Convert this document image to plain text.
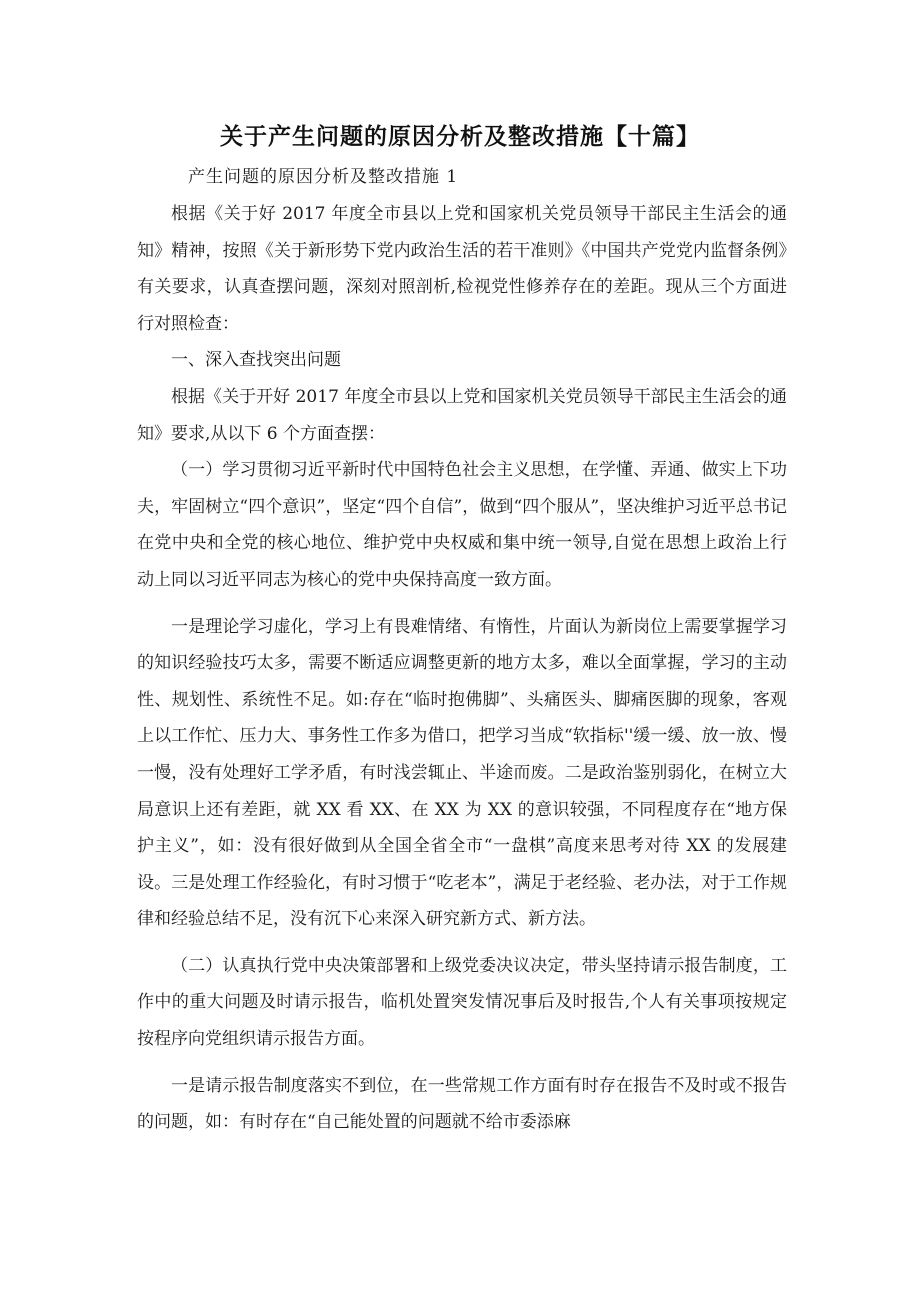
关于产生问题的原因分析及整改措施【十篇】
产生问题的原因分析及整改措施 1

根据《关于好 2017 年度全市县以上党和国家机关党员领导干部民主生活会的通知》精神，按照《关于新形势下党内政治生活的若干准则》《中国共产党党内监督条例》有关要求，认真查摆问题，深刻对照剖析,检视党性修养存在的差距。现从三个方面进行对照检查：

一、深入查找突出问题

根据《关于开好 2017 年度全市县以上党和国家机关党员领导干部民主生活会的通知》要求,从以下 6 个方面查摆：

（一）学习贯彻习近平新时代中国特色社会主义思想，在学懂、弄通、做实上下功夫，牢固树立“四个意识”，坚定“四个自信”，做到“四个服从”，坚决维护习近平总书记在党中央和全党的核心地位、维护党中央权威和集中统一领导,自觉在思想上政治上行动上同以习近平同志为核心的党中央保持高度一致方面。

一是理论学习虚化，学习上有畏难情绪、有惰性，片面认为新岗位上需要掌握学习的知识经验技巧太多，需要不断适应调整更新的地方太多，难以全面掌握，学习的主动性、规划性、系统性不足。如:存在“临时抱佛脚”、头痛医头、脚痛医脚的现象，客观上以工作忙、压力大、事务性工作多为借口，把学习当成“软指标''缓一缓、放一放、慢一慢，没有处理好工学矛盾，有时浅尝辄止、半途而废。二是政治鉴别弱化，在树立大局意识上还有差距，就 XX 看 XX、在 XX 为 XX 的意识较强，不同程度存在“地方保护主义”，如：没有很好做到从全国全省全市“一盘棋”高度来思考对待 XX 的发展建设。三是处理工作经验化，有时习惯于“吃老本”，满足于老经验、老办法，对于工作规律和经验总结不足，没有沉下心来深入研究新方式、新方法。

（二）认真执行党中央决策部署和上级党委决议决定，带头坚持请示报告制度，工作中的重大问题及时请示报告，临机处置突发情况事后及时报告,个人有关事项按规定按程序向党组织请示报告方面。

一是请示报告制度落实不到位，在一些常规工作方面有时存在报告不及时或不报告的问题，如：有时存在“自己能处置的问题就不给市委添麻
